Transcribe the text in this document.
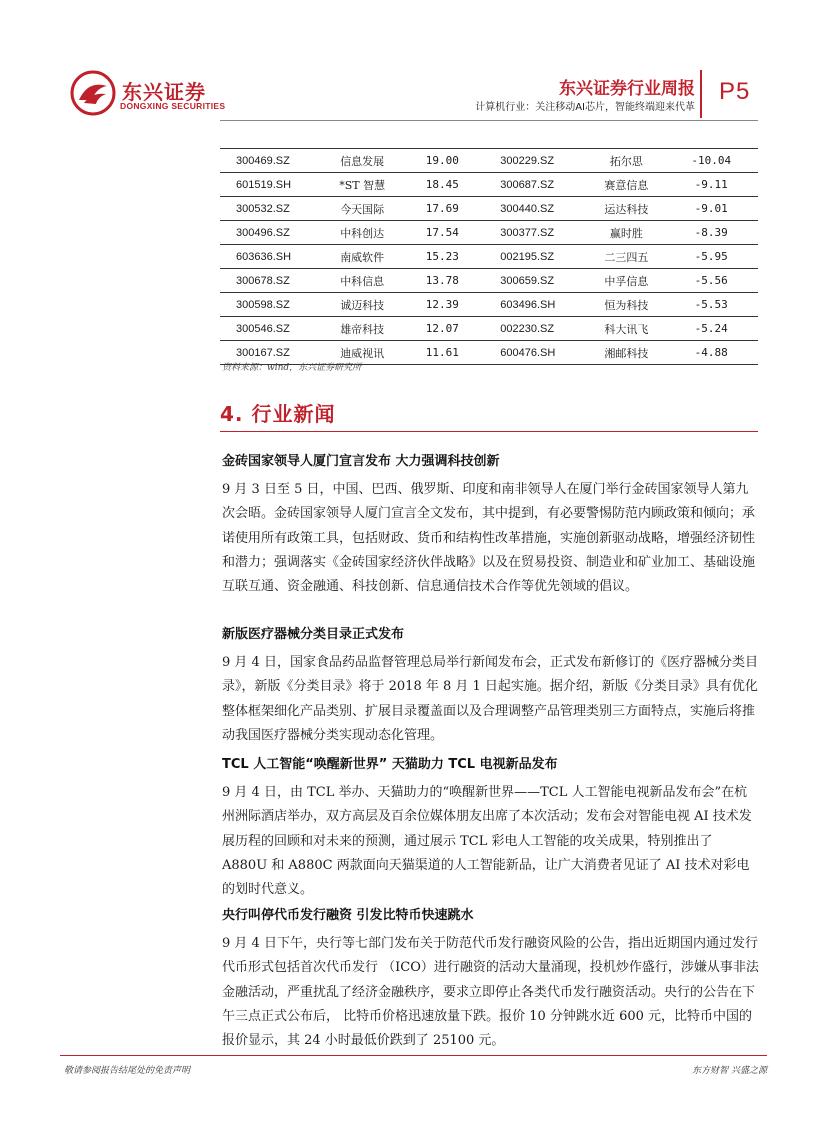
东兴证券
DONGXING SECURITIES
东兴证券行业周报
计算机行业：关注移动AI芯片，智能终端迎来代革
P5
300469.SZ	信息发展	19.00	300229.SZ	拓尔思	-10.04
601519.SH	*ST 智慧	18.45	300687.SZ	赛意信息	-9.11
300532.SZ	今天国际	17.69	300440.SZ	运达科技	-9.01
300496.SZ	中科创达	17.54	300377.SZ	赢时胜	-8.39
603636.SH	南威软件	15.23	002195.SZ	二三四五	-5.95
300678.SZ	中科信息	13.78	300659.SZ	中孚信息	-5.56
300598.SZ	诚迈科技	12.39	603496.SH	恒为科技	-5.53
300546.SZ	雄帝科技	12.07	002230.SZ	科大讯飞	-5.24
300167.SZ	迪威视讯	11.61	600476.SH	湘邮科技	-4.88
资料来源：wind，东兴证券研究所
4. 行业新闻
金砖国家领导人厦门宣言发布 大力强调科技创新

9 月 3 日至 5 日，中国、巴西、俄罗斯、印度和南非领导人在厦门举行金砖国家领导人第九次会晤。金砖国家领导人厦门宣言全文发布，其中提到，有必要警惕防范内顾政策和倾向；承诺使用所有政策工具，包括财政、货币和结构性改革措施，实施创新驱动战略，增强经济韧性和潜力；强调落实《金砖国家经济伙伴战略》以及在贸易投资、制造业和矿业加工、基础设施互联互通、资金融通、科技创新、信息通信技术合作等优先领域的倡议。

新版医疗器械分类目录正式发布

9 月 4 日，国家食品药品监督管理总局举行新闻发布会，正式发布新修订的《医疗器械分类目录》，新版《分类目录》将于 2018 年 8 月 1 日起实施。据介绍，新版《分类目录》具有优化整体框架细化产品类别、扩展目录覆盖面以及合理调整产品管理类别三方面特点，实施后将推动我国医疗器械分类实现动态化管理。

TCL 人工智能“唤醒新世界” 天猫助力 TCL 电视新品发布

9 月 4 日，由 TCL 举办、天猫助力的“唤醒新世界——TCL 人工智能电视新品发布会”在杭州洲际酒店举办，双方高层及百余位媒体朋友出席了本次活动；发布会对智能电视 AI 技术发展历程的回顾和对未来的预测，通过展示 TCL 彩电人工智能的攻关成果，特别推出了 A880U 和 A880C 两款面向天猫渠道的人工智能新品，让广大消费者见证了 AI 技术对彩电的划时代意义。

央行叫停代币发行融资 引发比特币快速跳水

9 月 4 日下午，央行等七部门发布关于防范代币发行融资风险的公告，指出近期国内通过发行代币形式包括首次代币发行 （ICO）进行融资的活动大量涌现，投机炒作盛行，涉嫌从事非法金融活动，严重扰乱了经济金融秩序，要求立即停止各类代币发行融资活动。央行的公告在下午三点正式公布后， 比特币价格迅速放量下跌。报价 10 分钟跳水近 600 元，比特币中国的报价显示，其 24 小时最低价跌到了 25100 元。

敬请参阅报告结尾处的免责声明	东方财智 兴盛之源
